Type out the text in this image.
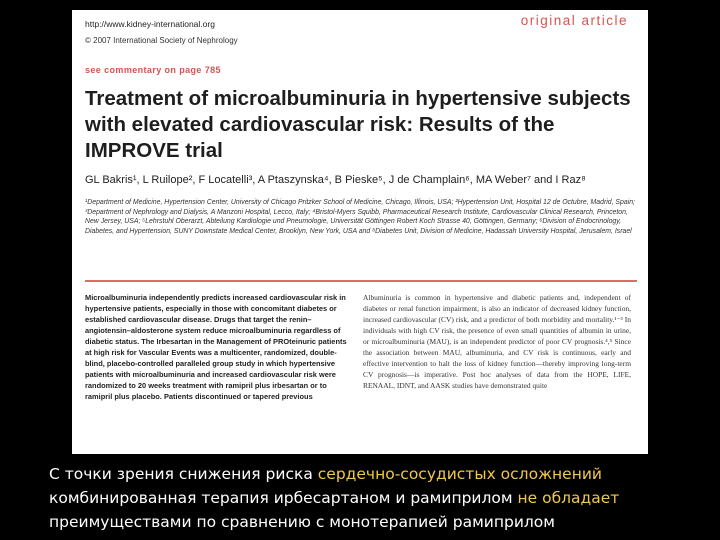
http://www.kidney-international.org
© 2007 International Society of Nephrology
original article
see commentary on page 785
Treatment of microalbuminuria in hypertensive subjects with elevated cardiovascular risk: Results of the IMPROVE trial
GL Bakris¹, L Ruilope², F Locatelli³, A Ptaszynska⁴, B Pieske⁵, J de Champlain⁶, MA Weber⁷ and I Raz⁸

¹Department of Medicine, Hypertension Center, University of Chicago Pritzker School of Medicine, Chicago, Illinois, USA; ²Hypertension Unit, Hospital 12 de Octubre, Madrid, Spain; ³Department of Nephrology and Dialysis, A Manzoni Hospital, Lecco, Italy; ⁴Bristol-Myers Squibb, Pharmaceutical Research Institute, Cardiovascular Clinical Research, Princeton, New Jersey, USA; ⁵Lehrstuhl Oberarzt, Abteilung Kardiologie und Pneumologie, Universität Göttingen Robert Koch Strasse 40, Göttingen, Germany; ⁶Division of Endocrinology, Diabetes, and Hypertension, SUNY Downstate Medical Center, Brooklyn, New York, USA and ⁸Diabetes Unit, Division of Medicine, Hadassah University Hospital, Jerusalem, Israel

Microalbuminuria independently predicts increased cardiovascular risk in hypertensive patients, especially in those with concomitant diabetes or established cardiovascular disease. Drugs that target the renin–angiotensin–aldosterone system reduce microalbuminuria regardless of diabetic status. The Irbesartan in the Management of PROteinuric patients at high risk for Vascular Events was a multicenter, randomized, double-blind, placebo-controlled paralleled group study in which hypertensive patients with microalbuminuria and increased cardiovascular risk were randomized to 20 weeks treatment with ramipril plus irbesartan or to ramipril plus placebo. Patients discontinued or tapered previous

Albuminuria is common in hypertensive and diabetic patients and, independent of diabetes or renal function impairment, is also an indicator of decreased kidney function, increased cardiovascular (CV) risk, and a predictor of both morbidity and mortality.¹⁻³ In individuals with high CV risk, the presence of even small quantities of albumin in urine, or microalbuminuria (MAU), is an independent predictor of poor CV prognosis.⁴,⁵ Since the association between MAU, albuminuria, and CV risk is continuous, early and effective intervention to halt the loss of kidney function—thereby improving long-term CV prognosis—is imperative. Post hoc analyses of data from the HOPE, LIFE, RENAAL, IDNT, and AASK studies have demonstrated quite

С точки зрения снижения риска сердечно-сосудистых осложнений комбинированная терапия ирбесартаном и рамиприлом не обладает преимуществами по сравнению с монотерапией рамиприлом
